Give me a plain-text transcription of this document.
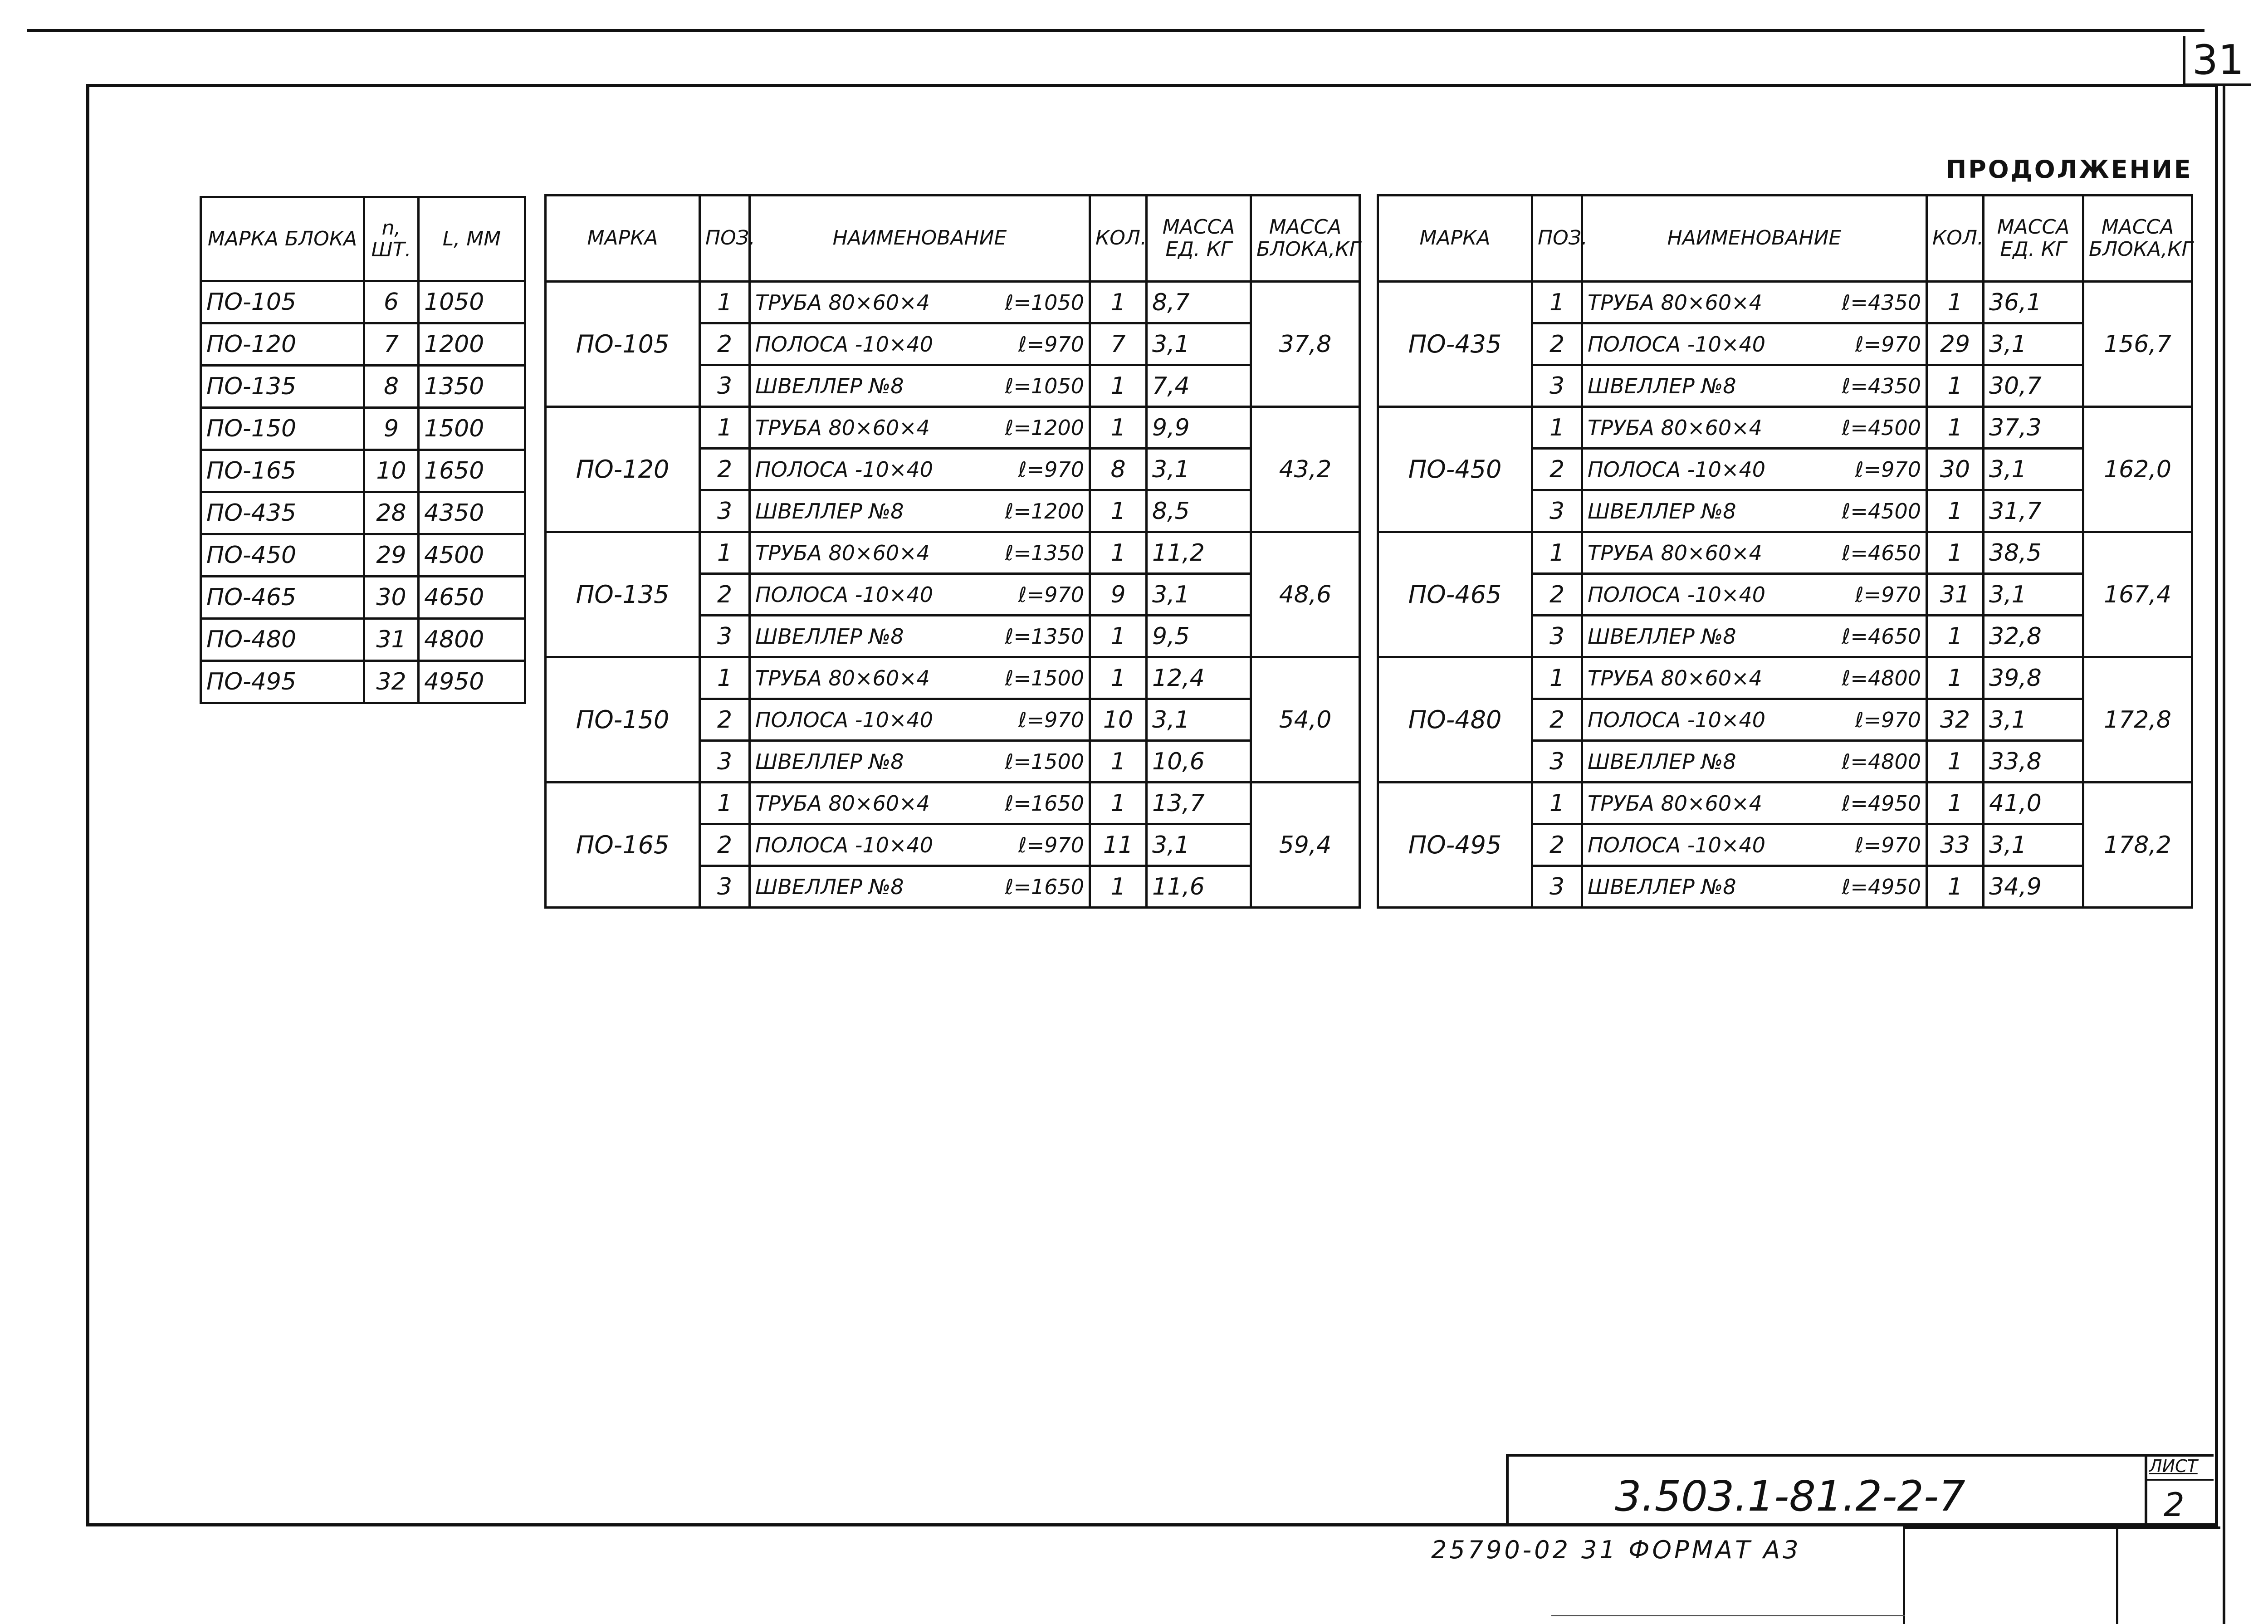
31
ПРОДОЛЖЕНИЕ
МАРКА БЛОКА	n, ШТ.	L, ММ
ПО-105	6	1050
ПО-120	7	1200
ПО-135	8	1350
ПО-150	9	1500
ПО-165	10	1650
ПО-435	28	4350
ПО-450	29	4500
ПО-465	30	4650
ПО-480	31	4800
ПО-495	32	4950
МАРКА	ПОЗ.	НАИМЕНОВАНИЕ	КОЛ.	МАССА ЕД. КГ	МАССА БЛОКА,КГ
ПО-105	1	ТРУБА 80×60×4 ℓ=1050	1	8,7	37,8
	2	ПОЛОСА -10×40 ℓ=970	7	3,1	
	3	ШВЕЛЛЕР №8 ℓ=1050	1	7,4	
ПО-120	1	ТРУБА 80×60×4 ℓ=1200	1	9,9	43,2
	2	ПОЛОСА -10×40 ℓ=970	8	3,1	
	3	ШВЕЛЛЕР №8 ℓ=1200	1	8,5	
ПО-135	1	ТРУБА 80×60×4 ℓ=1350	1	11,2	48,6
	2	ПОЛОСА -10×40 ℓ=970	9	3,1	
	3	ШВЕЛЛЕР №8 ℓ=1350	1	9,5	
ПО-150	1	ТРУБА 80×60×4 ℓ=1500	1	12,4	54,0
	2	ПОЛОСА -10×40 ℓ=970	10	3,1	
	3	ШВЕЛЛЕР №8 ℓ=1500	1	10,6	
ПО-165	1	ТРУБА 80×60×4 ℓ=1650	1	13,7	59,4
	2	ПОЛОСА -10×40 ℓ=970	11	3,1	
	3	ШВЕЛЛЕР №8 ℓ=1650	1	11,6	
МАРКА	ПОЗ.	НАИМЕНОВАНИЕ	КОЛ.	МАССА ЕД. КГ	МАССА БЛОКА,КГ
ПО-435	1	ТРУБА 80×60×4 ℓ=4350	1	36,1	156,7
	2	ПОЛОСА -10×40 ℓ=970	29	3,1	
	3	ШВЕЛЛЕР №8 ℓ=4350	1	30,7	
ПО-450	1	ТРУБА 80×60×4 ℓ=4500	1	37,3	162,0
	2	ПОЛОСА -10×40 ℓ=970	30	3,1	
	3	ШВЕЛЛЕР №8 ℓ=4500	1	31,7	
ПО-465	1	ТРУБА 80×60×4 ℓ=4650	1	38,5	167,4
	2	ПОЛОСА -10×40 ℓ=970	31	3,1	
	3	ШВЕЛЛЕР №8 ℓ=4650	1	32,8	
ПО-480	1	ТРУБА 80×60×4 ℓ=4800	1	39,8	172,8
	2	ПОЛОСА -10×40 ℓ=970	32	3,1	
	3	ШВЕЛЛЕР №8 ℓ=4800	1	33,8	
ПО-495	1	ТРУБА 80×60×4 ℓ=4950	1	41,0	178,2
	2	ПОЛОСА -10×40 ℓ=970	33	3,1	
	3	ШВЕЛЛЕР №8 ℓ=4950	1	34,9	
3.503.1-81.2-2-7
ЛИСТ
2
25790-02 31 ФОРМАТ А3
